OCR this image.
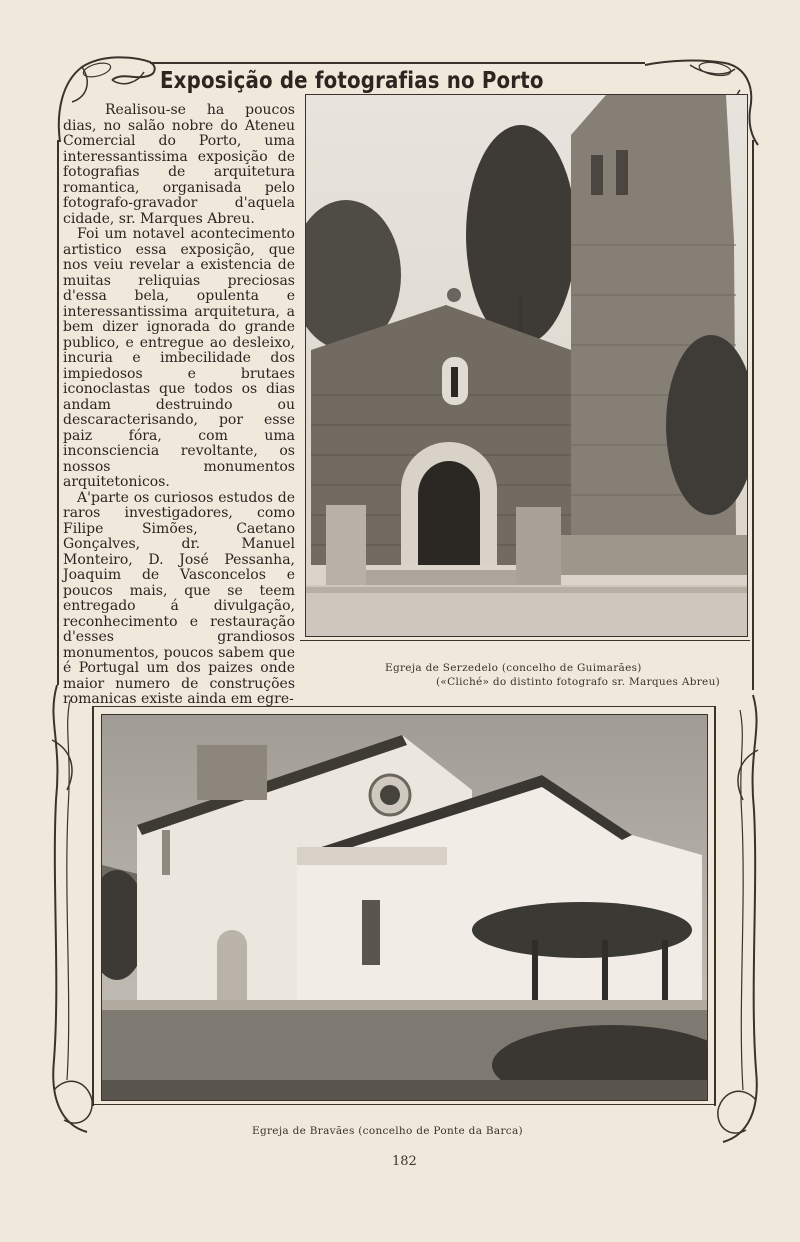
Exposição de fotografias no Porto

Realisou-se ha poucos dias, no salão nobre do Ateneu Comercial do Porto, uma interessantissima exposição de fotografias de arquitetura romantica, organisada pelo fotografo-gravador d'aquela cidade, sr. Marques Abreu.

Foi um notavel acontecimento artistico essa exposição, que nos veiu revelar a existencia de muitas reliquias preciosas d'essa bela, opulenta e interessantissima arquitetura, a bem dizer ignorada do grande publico, e entregue ao desleixo, incuria e imbecilidade dos impiedosos e brutaes iconoclastas que todos os dias andam destruindo ou descaracterisando, por esse paiz fóra, com uma inconsciencia revoltante, os nossos monumentos arquitetonicos.

A'parte os curiosos estudos de raros investigadores, como Filipe Simões, Caetano Gonçalves, dr. Manuel Monteiro, D. José Pessanha, Joaquim de Vasconcelos e poucos mais, que se teem entregado á divulgação, reconhecimento e restauração d'esses grandiosos monumentos, poucos sabem que é Portugal um dos paizes onde maior numero de construções romanicas existe ainda em egre-

Egreja de Serzedelo (concelho de Guimarães)
(«Cliché» do distinto fotografo sr. Marques Abreu)
Egreja de Bravães (concelho de Ponte da Barca)
182
